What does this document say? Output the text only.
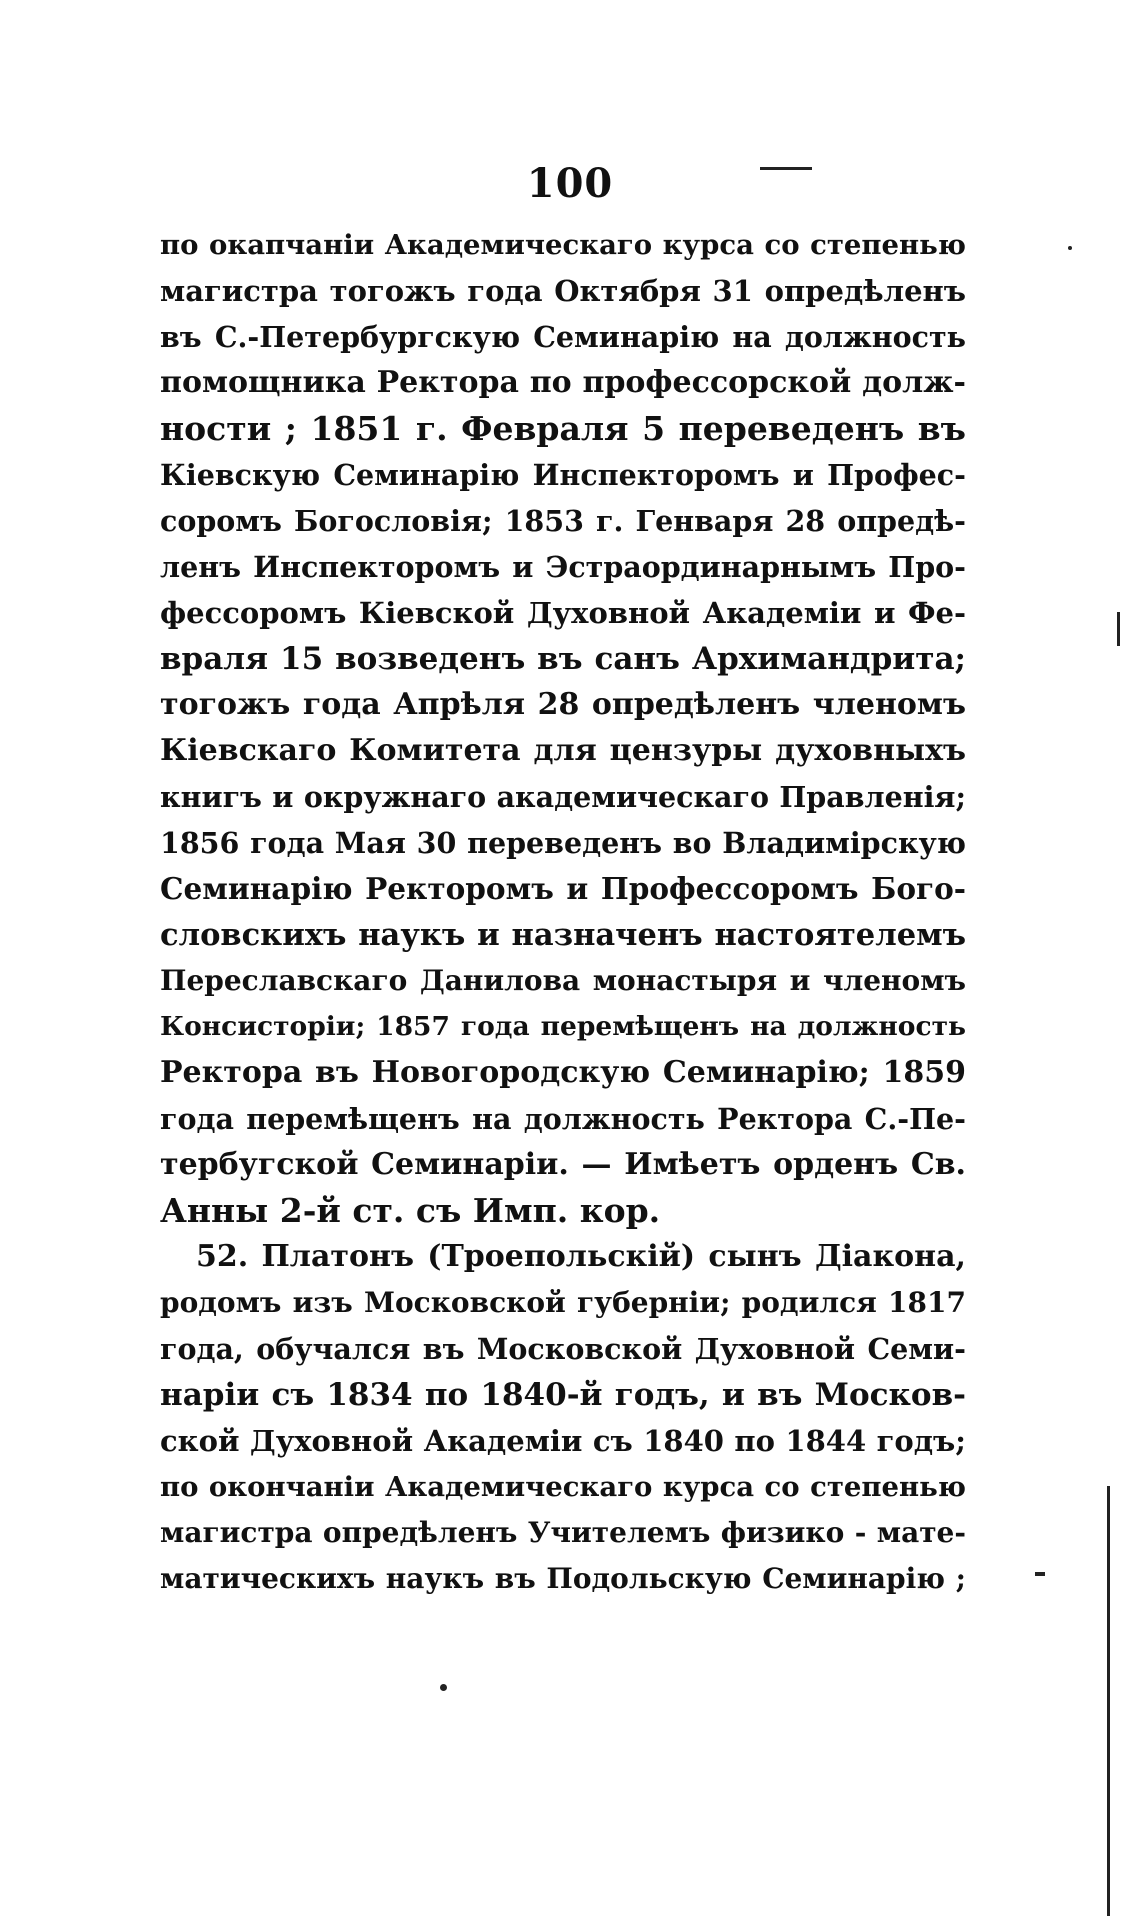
100
по окапчаніи Академическаго курса со степенью
магистра тогожъ года Октября 31 опредѣленъ
въ С.-Петербургскую Семинарію на должность
помощника Ректора по профессорской долж-
ности ; 1851 г. Февраля 5 переведенъ въ
Кіевскую Семинарію Инспекторомъ и Профес-
соромъ Богословія; 1853 г. Генваря 28 опредѣ-
ленъ Инспекторомъ и Эстраординарнымъ Про-
фессоромъ Кіевской Духовной Академіи и Фе-
враля 15 возведенъ въ санъ Архимандрита;
тогожъ года Апрѣля 28 опредѣленъ членомъ
Кіевскаго Комитета для цензуры духовныхъ
книгъ и окружнаго академическаго Правленія;
1856 года Мая 30 переведенъ во Владимірскую
Семинарію Ректоромъ и Профессоромъ Бого-
словскихъ наукъ и назначенъ настоятелемъ
Переславскаго Данилова монастыря и членомъ
Консисторіи; 1857 года перемѣщенъ на должность
Ректора въ Новогородскую Семинарію; 1859
года перемѣщенъ на должность Ректора С.-Пе-
тербугской Семинаріи. — Имѣетъ орденъ Св.
Анны 2-й ст. съ Имп. кор.
52. Платонъ (Троепольскій) сынъ Діакона,
родомъ изъ Московской губерніи; родился 1817
года, обучался въ Московской Духовной Семи-
наріи съ 1834 по 1840-й годъ, и въ Москов-
ской Духовной Академіи съ 1840 по 1844 годъ;
по окончаніи Академическаго курса со степенью
магистра опредѣленъ Учителемъ физико - мате-
матическихъ наукъ въ Подольскую Семинарію ;
